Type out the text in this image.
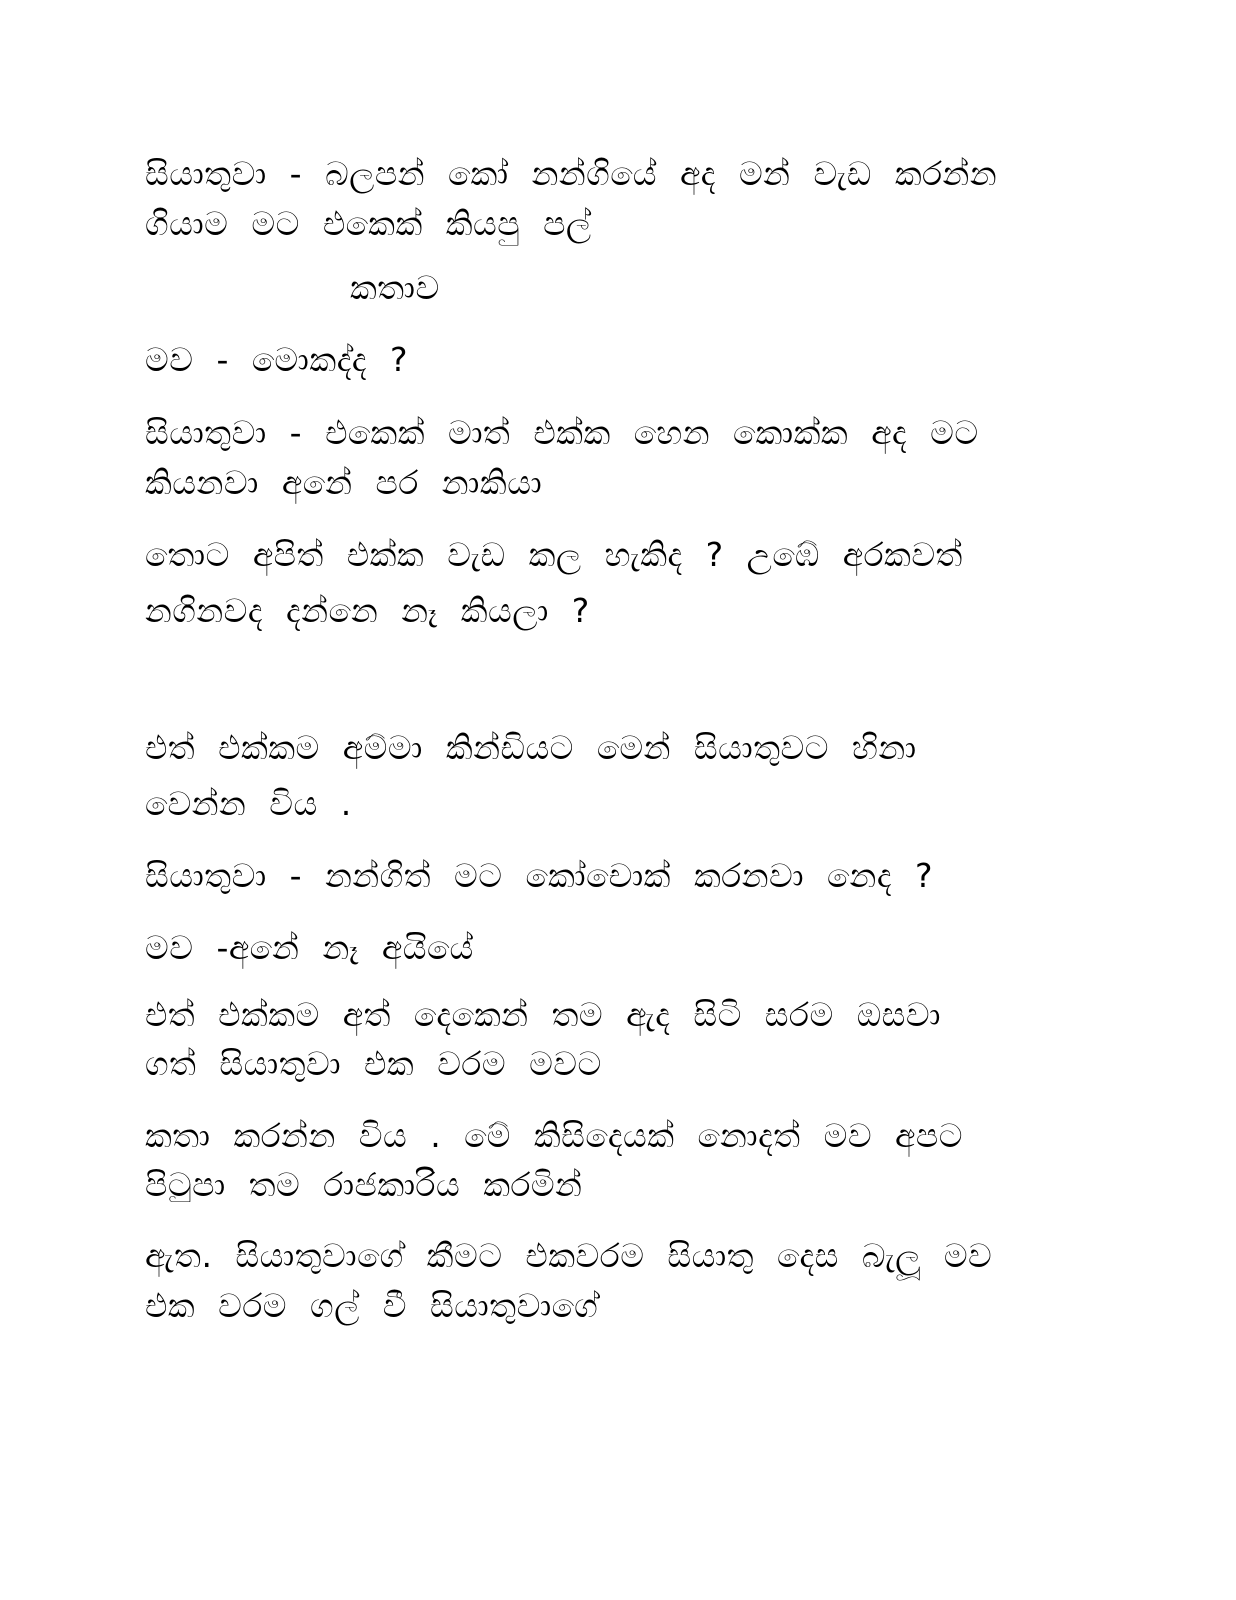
සියාතුවා - බලපන් කෝ නන්ගියේ අද මන් වැඩ කරන්න
ගියාම මට එකෙක් කියපු පල්
කතාව
මව - මොකද්ද ?
සියාතුවා - එකෙක් මාත් එක්ක හෙන කොක්ක අද මට
කියනවා අනේ පර නාකියා
තොට අපිත් එක්ක වැඩ කල හැකිද ? උඹේ අරකවත්
නගිනවද දන්නෙ නෑ කියලා ?
එත් එක්කම අම්මා කින්ඩියට මෙන් සියාතුවට හිනා
වෙන්න විය .
සියාතුවා - නන්ගිත් මට කෝචොක් කරනවා නෙද ?
මව -අනේ නෑ අයියේ
එත් එක්කම අත් දෙකෙන් තම ඇද සිටි සරම ඔසවා
ගත් සියාතුවා එක වරම මවට
කතා කරන්න විය . මේ කිසිදෙයක් නොදත් මව අපට
පිටුපා තම රාජකාරිය කරමින්
ඇත. සියාතුවාගේ කීමට එකවරම සියාතු දෙස බැලූ මව
එක වරම ගල් වී සියාතුවාගේ
